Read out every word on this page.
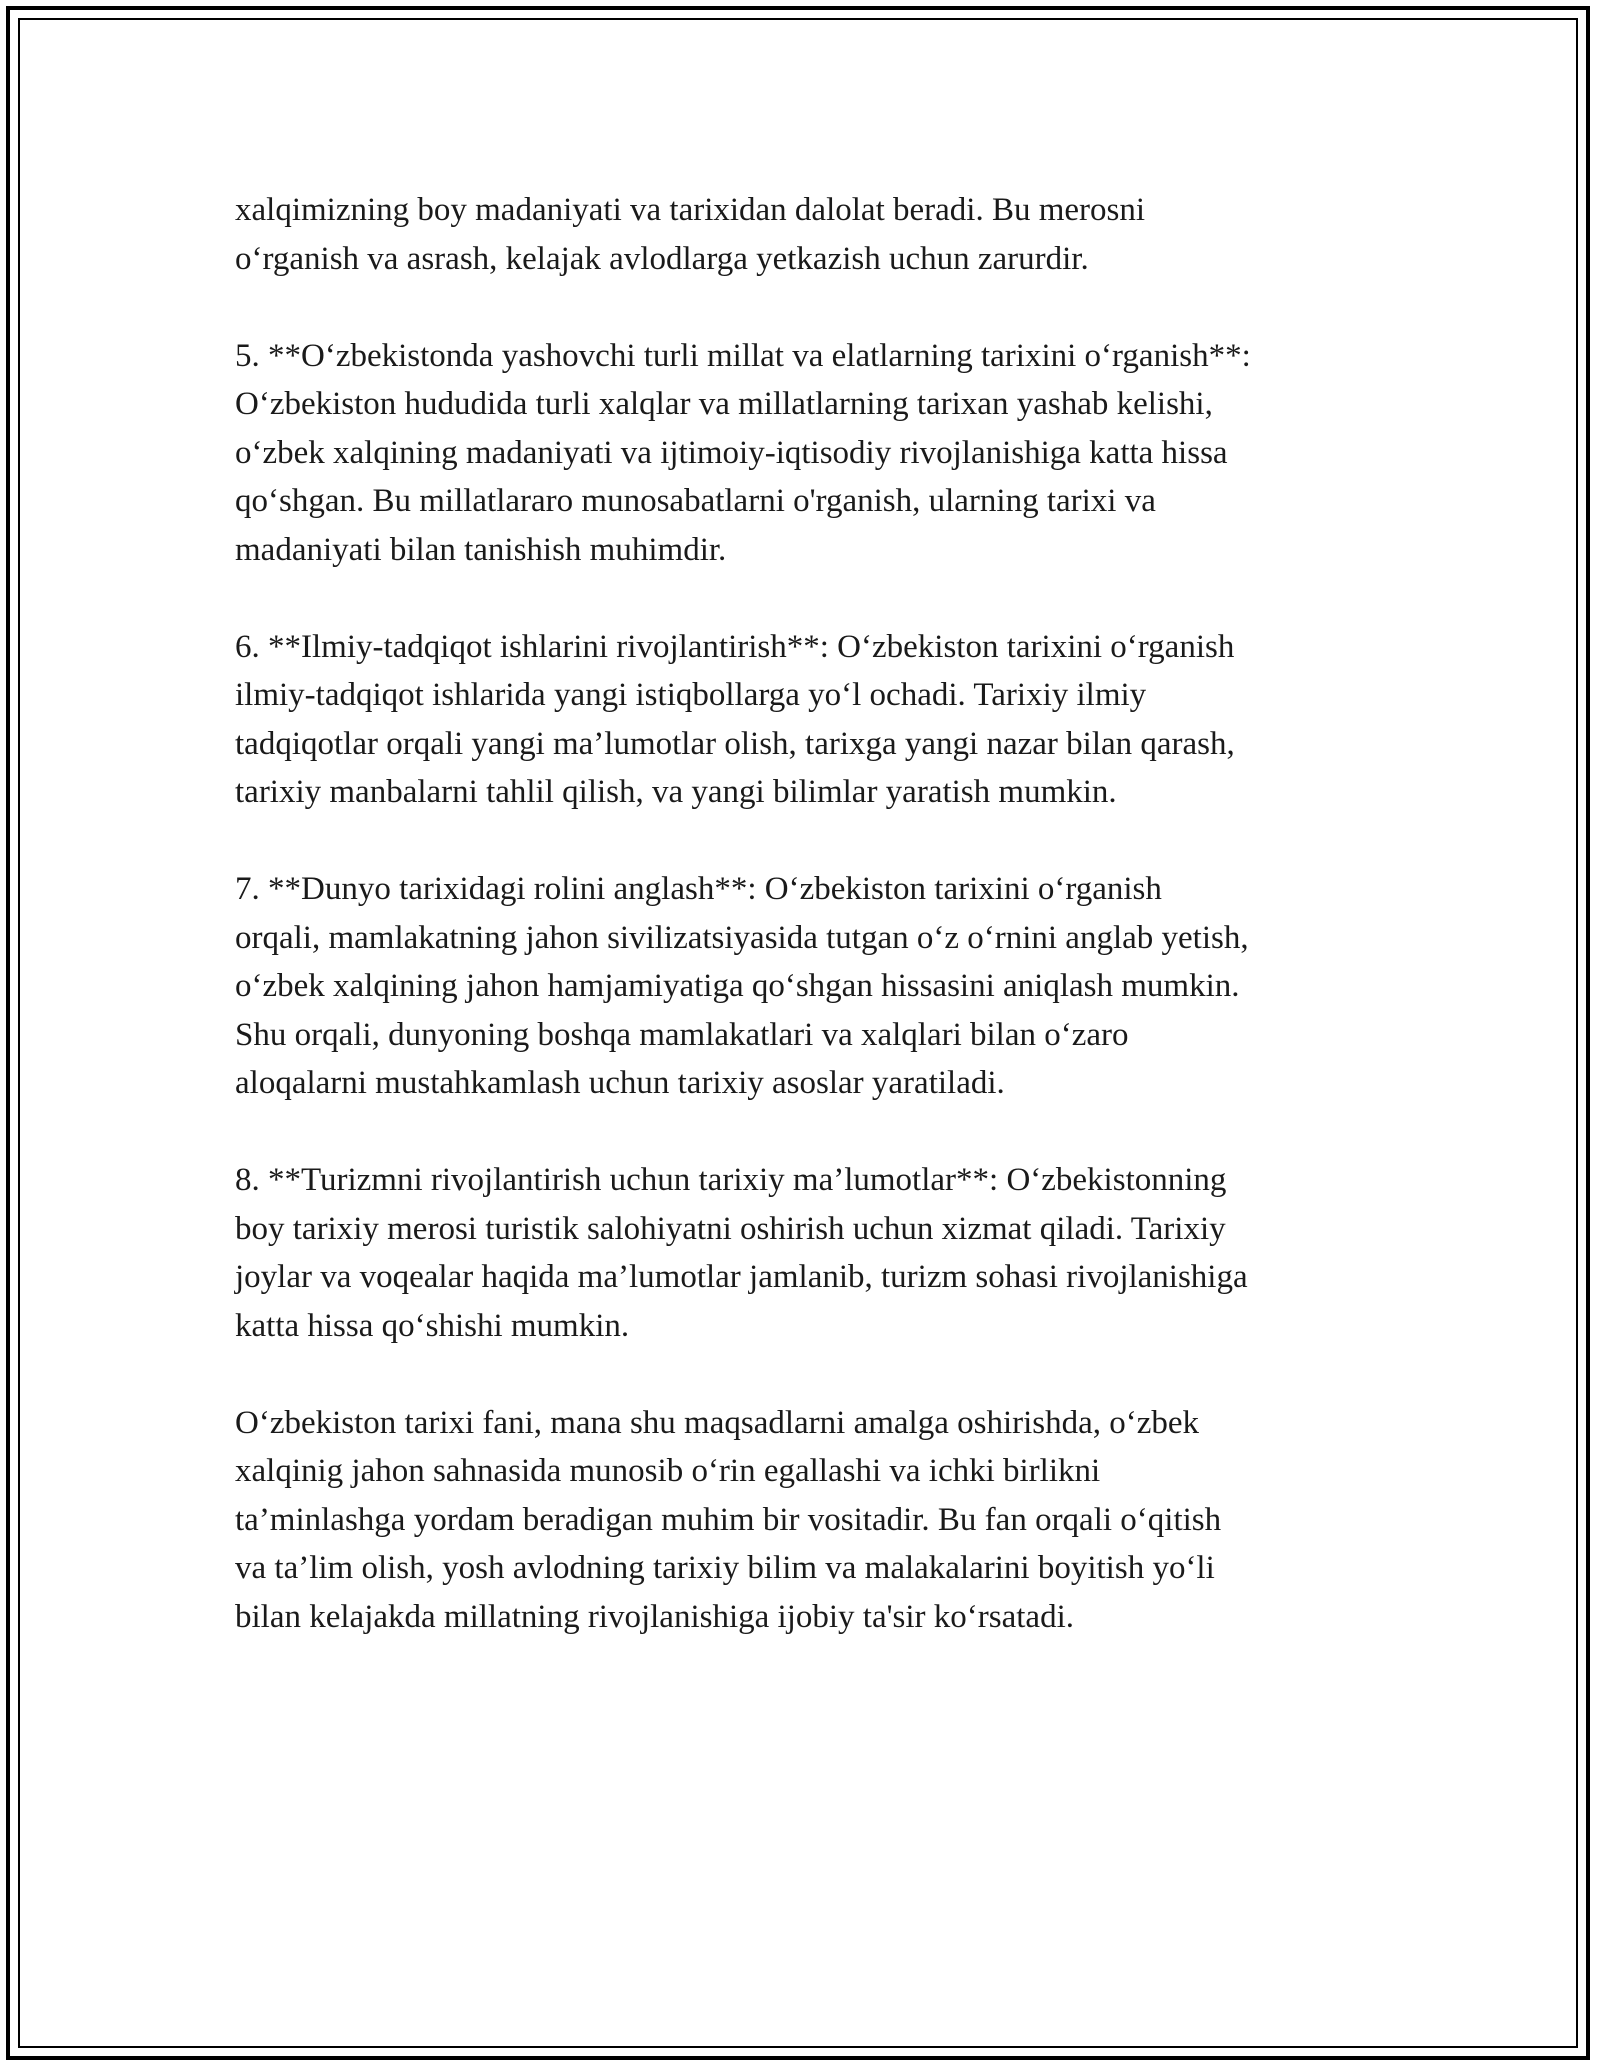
xalqimizning boy madaniyati va tarixidan dalolat beradi. Bu merosni
o‘rganish va asrash, kelajak avlodlarga yetkazish uchun zarurdir.

5. **O‘zbekistonda yashovchi turli millat va elatlarning tarixini o‘rganish**:
O‘zbekiston hududida turli xalqlar va millatlarning tarixan yashab kelishi,
o‘zbek xalqining madaniyati va ijtimoiy-iqtisodiy rivojlanishiga katta hissa
qo‘shgan. Bu millatlararo munosabatlarni o'rganish, ularning tarixi va
madaniyati bilan tanishish muhimdir.

6. **Ilmiy-tadqiqot ishlarini rivojlantirish**: O‘zbekiston tarixini o‘rganish
ilmiy-tadqiqot ishlarida yangi istiqbollarga yo‘l ochadi. Tarixiy ilmiy
tadqiqotlar orqali yangi ma’lumotlar olish, tarixga yangi nazar bilan qarash,
tarixiy manbalarni tahlil qilish, va yangi bilimlar yaratish mumkin.

7. **Dunyo tarixidagi rolini anglash**: O‘zbekiston tarixini o‘rganish
orqali, mamlakatning jahon sivilizatsiyasida tutgan o‘z o‘rnini anglab yetish,
o‘zbek xalqining jahon hamjamiyatiga qo‘shgan hissasini aniqlash mumkin.
Shu orqali, dunyoning boshqa mamlakatlari va xalqlari bilan o‘zaro
aloqalarni mustahkamlash uchun tarixiy asoslar yaratiladi.

8. **Turizmni rivojlantirish uchun tarixiy ma’lumotlar**: O‘zbekistonning
boy tarixiy merosi turistik salohiyatni oshirish uchun xizmat qiladi. Tarixiy
joylar va voqealar haqida ma’lumotlar jamlanib, turizm sohasi rivojlanishiga
katta hissa qo‘shishi mumkin.

O‘zbekiston tarixi fani, mana shu maqsadlarni amalga oshirishda, o‘zbek
xalqinig jahon sahnasida munosib o‘rin egallashi va ichki birlikni
ta’minlashga yordam beradigan muhim bir vosita​dir. Bu fan orqali o‘qitish
va ta’lim olish, yosh avlodning tarixiy bilim va malakalarini boyitish yo‘li
bilan kelajakda millatning rivojlanishiga ijobiy ta'sir ko‘rsatadi.
